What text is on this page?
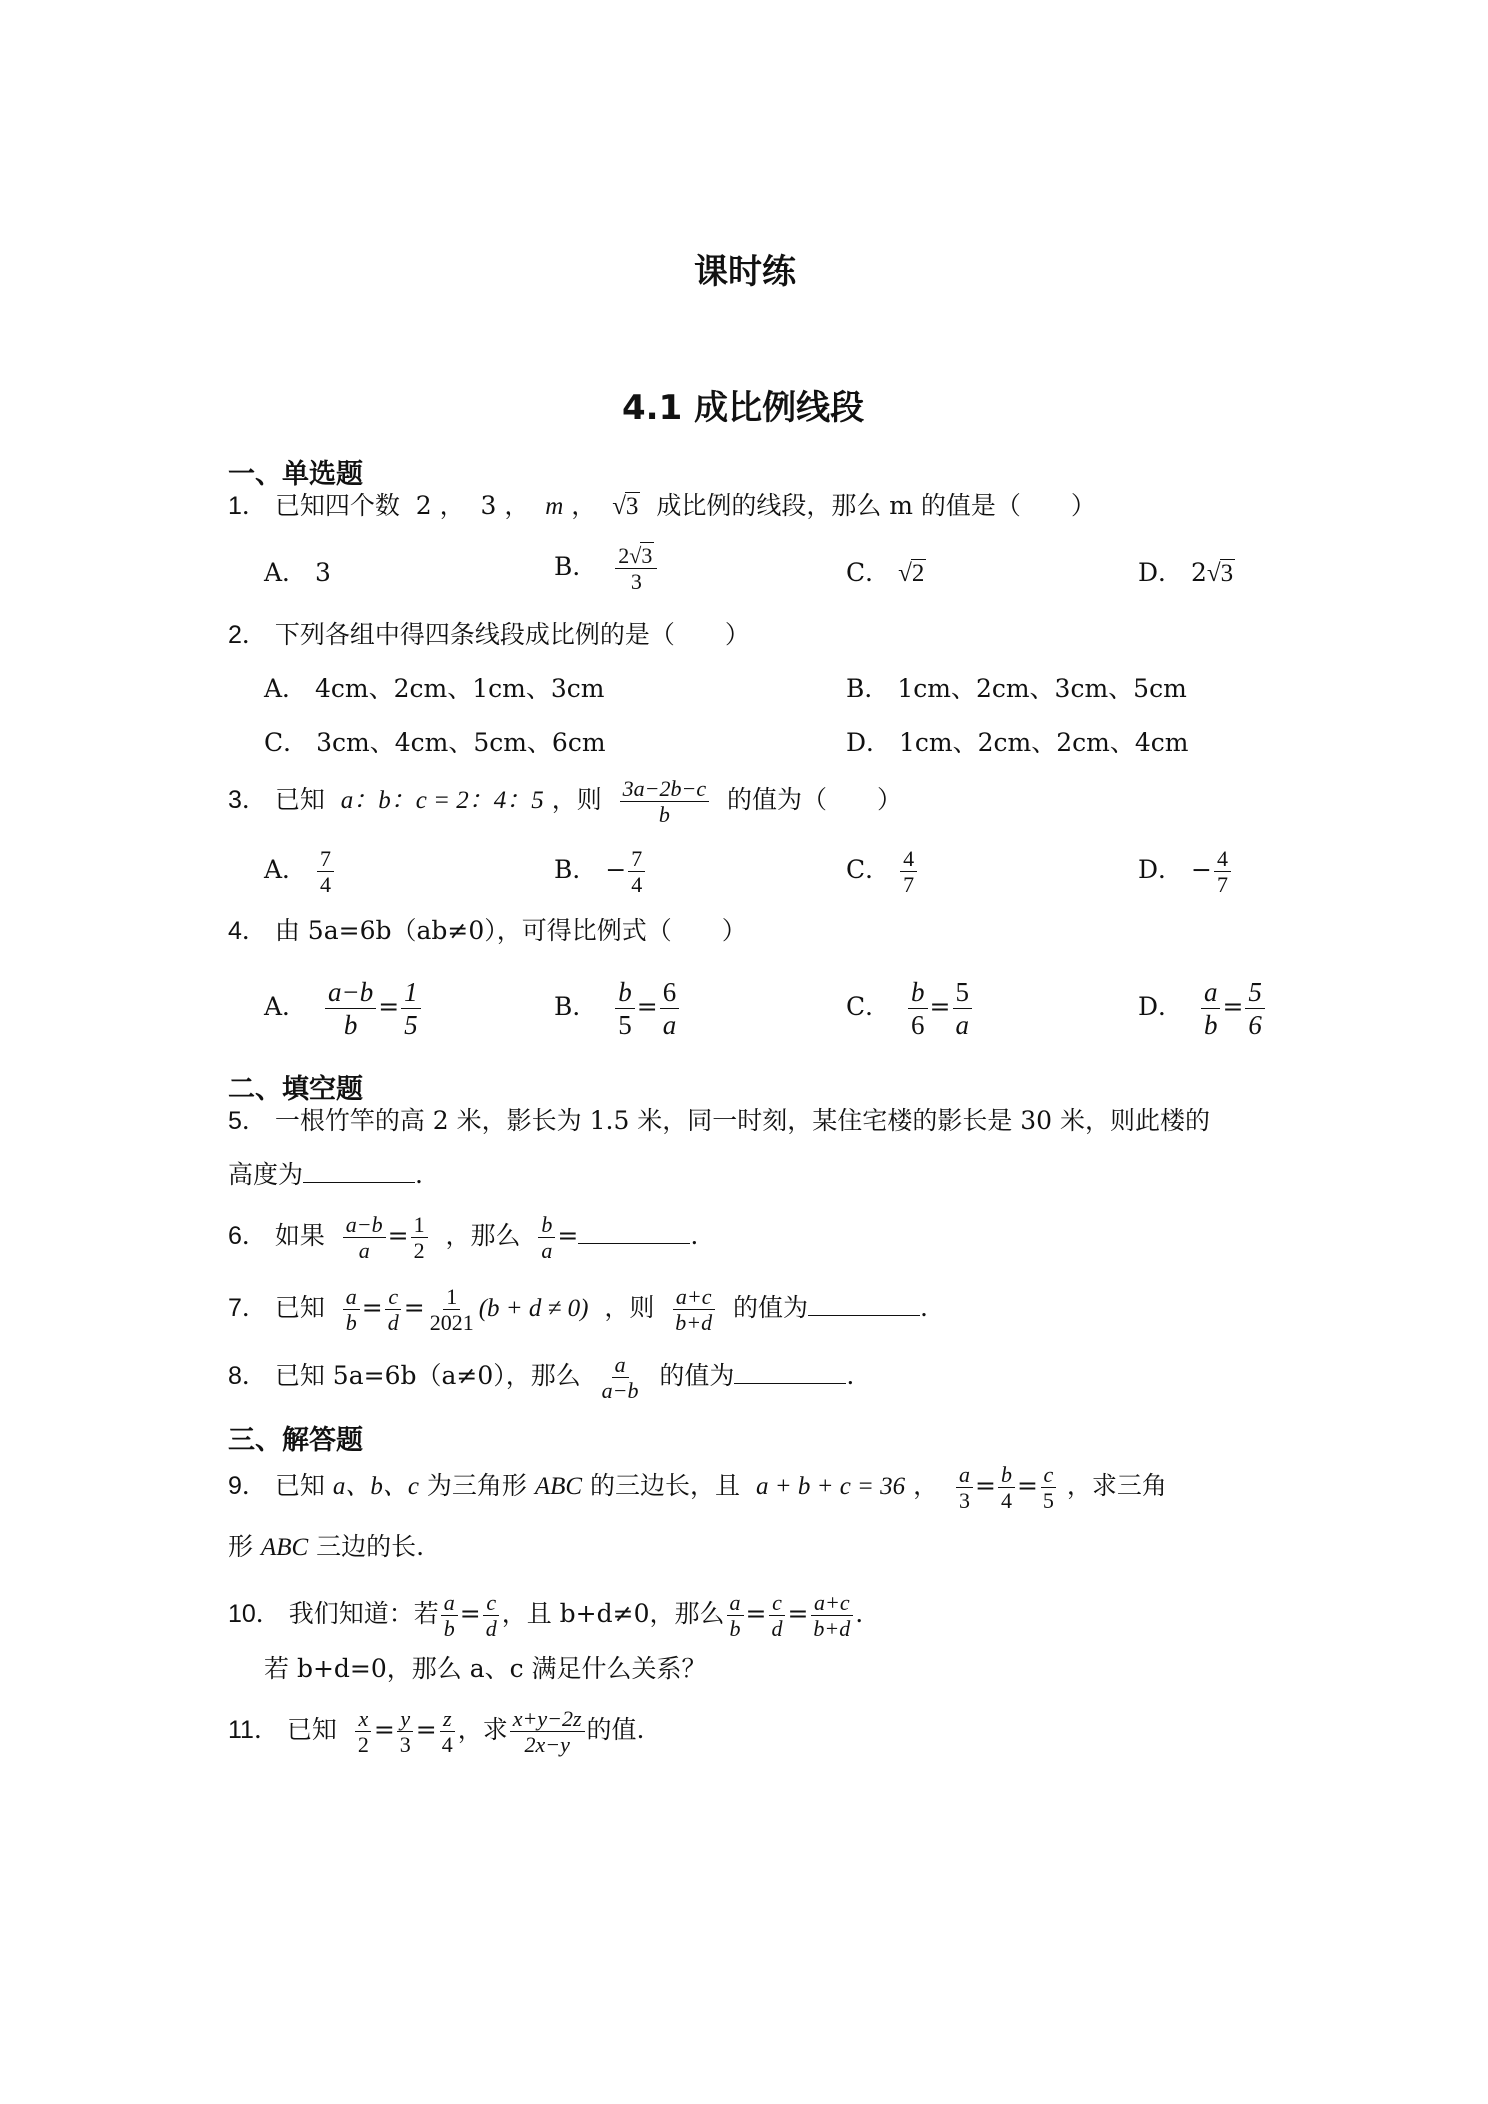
课时练
4.1 成比例线段
一、单选题
1． 已知四个数 2 ，  3 ，  m ，  √3 成比例的线段，那么 m 的值是（　　）
A． 3	B． $\frac{2√3}{3}$	C． √2	D． 2√3
2． 下列各组中得四条线段成比例的是（　　）
A． 4cm、2cm、1cm、3cm	B． 1cm、2cm、3cm、5cm
C． 3cm、4cm、5cm、6cm	D． 1cm、2cm、2cm、4cm
3． 已知 a：b：c = 2：4：5 ，则 $\frac{3a-2b-c}{b}$ 的值为（　　）
A． $\frac{7}{4}$	B． − $\frac{7}{4}$	C． $\frac{4}{7}$	D． − $\frac{4}{7}$
4． 由 5a=6b（ab≠0），可得比例式（　　）
A． $\frac{a-b}{b} = \frac{1}{5}$	B． $\frac{b}{5} = \frac{6}{a}$	C． $\frac{b}{6} = \frac{5}{a}$	D． $\frac{a}{b} = \frac{5}{6}$
二、填空题
5． 一根竹竿的高 2 米，影长为 1.5 米，同一时刻，某住宅楼的影长是 30 米，则此楼的
高度为	.
6． 如果 $\frac{a-b}{a} = \frac{1}{2}$ ，那么 $\frac{b}{a}$ =	.
7． 已知 $\frac{a}{b} = \frac{c}{d} = \frac{1}{2021} (b + d \ne 0)$ ，则 $\frac{a+c}{b+d}$ 的值为	.
8． 已知 5a=6b（a≠0），那么 $\frac{a}{a-b}$ 的值为	.
三、解答题
9． 已知 a、b、c 为三角形 ABC 的三边长，且 a + b + c = 36 ， $\frac{a}{3} = \frac{b}{4} = \frac{c}{5}$ ，求三角
形 ABC 三边的长.
10． 我们知道：若 $\frac{a}{b} = \frac{c}{d}$ ，且 b+d≠0，那么 $\frac{a}{b} = \frac{c}{d} = \frac{a+c}{b+d}$ .
若 b+d=0，那么 a、c 满足什么关系？
11． 已知 $\frac{x}{2} = \frac{y}{3} = \frac{z}{4}$ ，求 $\frac{x+y-2z}{2x-y}$ 的值.
